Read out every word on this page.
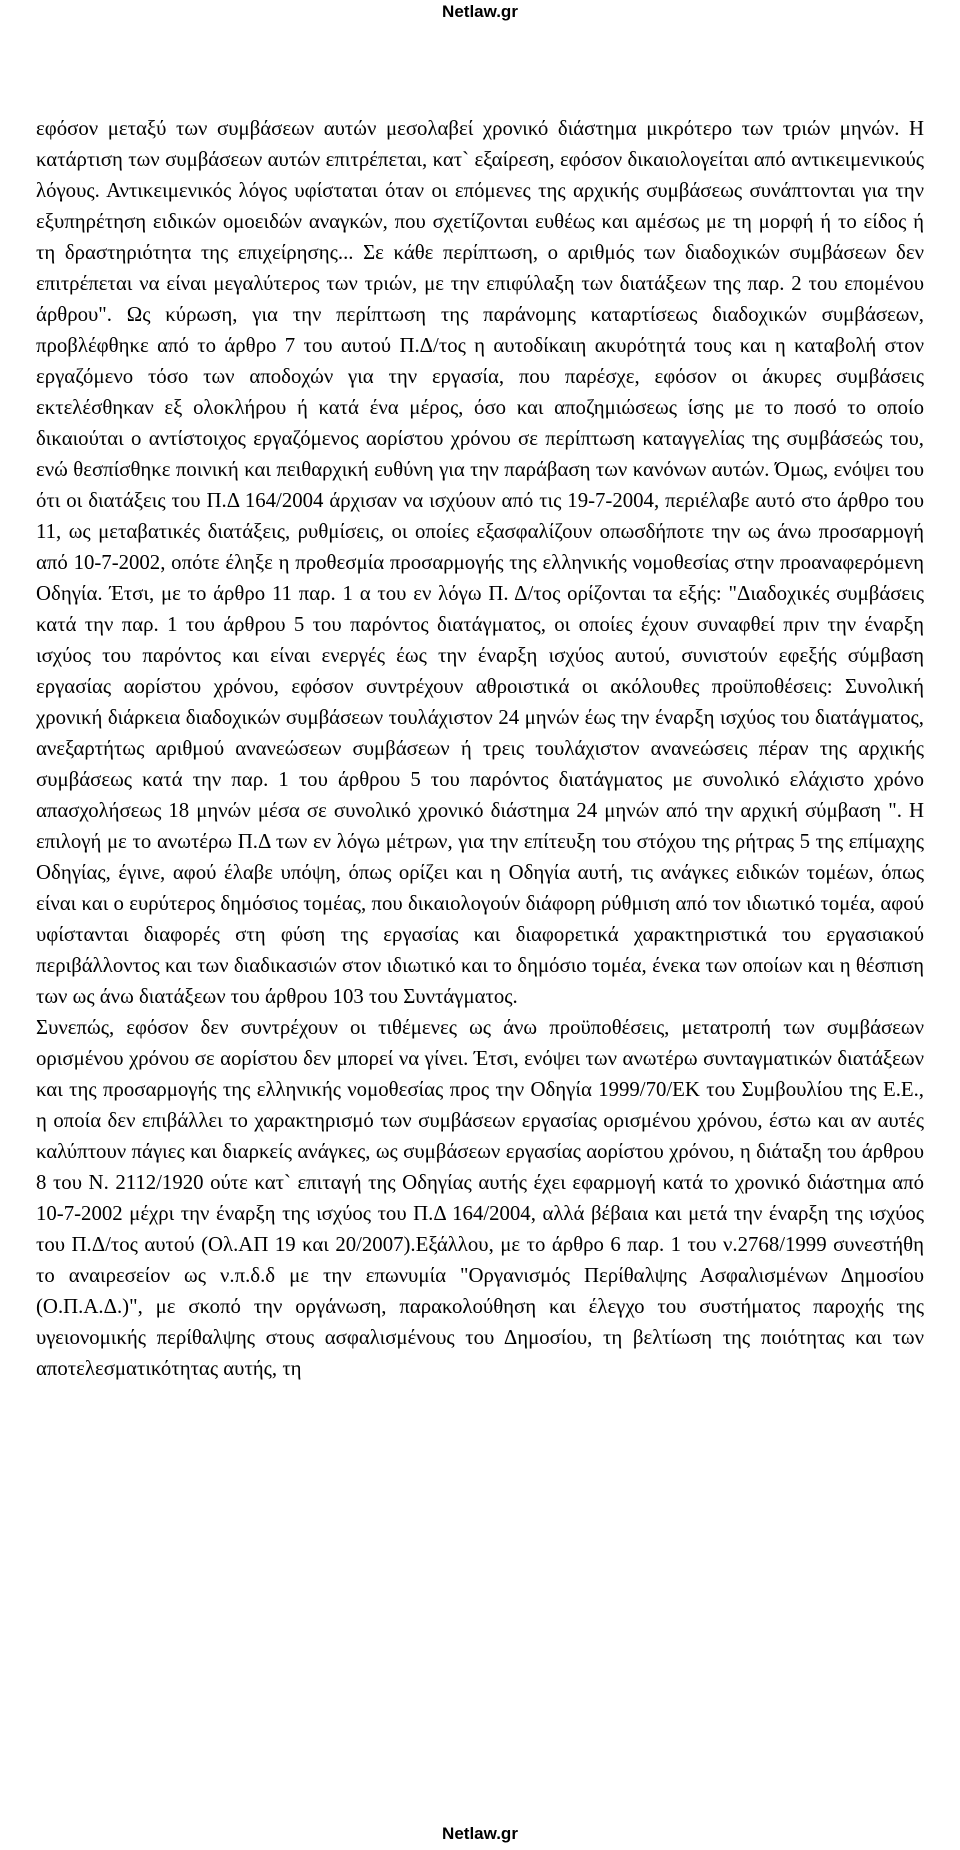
Netlaw.gr

εφόσον μεταξύ των συμβάσεων αυτών μεσολαβεί χρονικό διάστημα μικρότερο των τριών μηνών. Η κατάρτιση των συμβάσεων αυτών επιτρέπεται, κατ` εξαίρεση, εφόσον δικαιολογείται από αντικειμενικούς λόγους. Αντικειμενικός λόγος υφίσταται όταν οι επόμενες της αρχικής συμβάσεως συνάπτονται για την εξυπηρέτηση ειδικών ομοειδών αναγκών, που σχετίζονται ευθέως και αμέσως με τη μορφή ή το είδος ή τη δραστηριότητα της επιχείρησης... Σε κάθε περίπτωση, ο αριθμός των διαδοχικών συμβάσεων δεν επιτρέπεται να είναι μεγαλύτερος των τριών, με την επιφύλαξη των διατάξεων της παρ. 2 του επομένου άρθρου". Ως κύρωση, για την περίπτωση της παράνομης καταρτίσεως διαδοχικών συμβάσεων, προβλέφθηκε από το άρθρο 7 του αυτού Π.Δ/τος η αυτοδίκαιη ακυρότητά τους και η καταβολή στον εργαζόμενο τόσο των αποδοχών για την εργασία, που παρέσχε, εφόσον οι άκυρες συμβάσεις εκτελέσθηκαν εξ ολοκλήρου ή κατά ένα μέρος, όσο και αποζημιώσεως ίσης με το ποσό το οποίο δικαιούται ο αντίστοιχος εργαζόμενος αορίστου χρόνου σε περίπτωση καταγγελίας της συμβάσεώς του, ενώ θεσπίσθηκε ποινική και πειθαρχική ευθύνη για την παράβαση των κανόνων αυτών. Όμως, ενόψει του ότι οι διατάξεις του Π.Δ 164/2004 άρχισαν να ισχύουν από τις 19-7-2004, περιέλαβε αυτό στο άρθρο του 11, ως μεταβατικές διατάξεις, ρυθμίσεις, οι οποίες εξασφαλίζουν οπωσδήποτε την ως άνω προσαρμογή από 10-7-2002, οπότε έληξε η προθεσμία προσαρμογής της ελληνικής νομοθεσίας στην προαναφερόμενη Οδηγία. Έτσι, με το άρθρο 11 παρ. 1 α του εν λόγω Π. Δ/τος ορίζονται τα εξής: "Διαδοχικές συμβάσεις κατά την παρ. 1 του άρθρου 5 του παρόντος διατάγματος, οι οποίες έχουν συναφθεί πριν την έναρξη ισχύος του παρόντος και είναι ενεργές έως την έναρξη ισχύος αυτού, συνιστούν εφεξής σύμβαση εργασίας αορίστου χρόνου, εφόσον συντρέχουν αθροιστικά οι ακόλουθες προϋποθέσεις: Συνολική χρονική διάρκεια διαδοχικών συμβάσεων τουλάχιστον 24 μηνών έως την έναρξη ισχύος του διατάγματος, ανεξαρτήτως αριθμού ανανεώσεων συμβάσεων ή τρεις τουλάχιστον ανανεώσεις πέραν της αρχικής συμβάσεως κατά την παρ. 1 του άρθρου 5 του παρόντος διατάγματος με συνολικό ελάχιστο χρόνο απασχολήσεως 18 μηνών μέσα σε συνολικό χρονικό διάστημα 24 μηνών από την αρχική σύμβαση ". Η επιλογή με το ανωτέρω Π.Δ των εν λόγω μέτρων, για την επίτευξη του στόχου της ρήτρας 5 της επίμαχης Οδηγίας, έγινε, αφού έλαβε υπόψη, όπως ορίζει και η Οδηγία αυτή, τις ανάγκες ειδικών τομέων, όπως είναι και ο ευρύτερος δημόσιος τομέας, που δικαιολογούν διάφορη ρύθμιση από τον ιδιωτικό τομέα, αφού υφίστανται διαφορές στη φύση της εργασίας και διαφορετικά χαρακτηριστικά του εργασιακού περιβάλλοντος και των διαδικασιών στον ιδιωτικό και το δημόσιο τομέα, ένεκα των οποίων και η θέσπιση των ως άνω διατάξεων του άρθρου 103 του Συντάγματος.

Συνεπώς, εφόσον δεν συντρέχουν οι τιθέμενες ως άνω προϋποθέσεις, μετατροπή των συμβάσεων ορισμένου χρόνου σε αορίστου δεν μπορεί να γίνει. Έτσι, ενόψει των ανωτέρω συνταγματικών διατάξεων και της προσαρμογής της ελληνικής νομοθεσίας προς την Οδηγία 1999/70/ΕΚ του Συμβουλίου της Ε.Ε., η οποία δεν επιβάλλει το χαρακτηρισμό των συμβάσεων εργασίας ορισμένου χρόνου, έστω και αν αυτές καλύπτουν πάγιες και διαρκείς ανάγκες, ως συμβάσεων εργασίας αορίστου χρόνου, η διάταξη του άρθρου 8 του Ν. 2112/1920 ούτε κατ` επιταγή της Οδηγίας αυτής έχει εφαρμογή κατά το χρονικό διάστημα από 10-7-2002 μέχρι την έναρξη της ισχύος του Π.Δ 164/2004, αλλά βέβαια και μετά την έναρξη της ισχύος του Π.Δ/τος αυτού (Ολ.ΑΠ 19 και 20/2007).Εξάλλου, με το άρθρο 6 παρ. 1 του ν.2768/1999 συνεστήθη το αναιρεσείον ως ν.π.δ.δ με την επωνυμία "Οργανισμός Περίθαλψης Ασφαλισμένων Δημοσίου (Ο.Π.Α.Δ.)", με σκοπό την οργάνωση, παρακολούθηση και έλεγχο του συστήματος παροχής της υγειονομικής περίθαλψης στους ασφαλισμένους του Δημοσίου, τη βελτίωση της ποιότητας και των αποτελεσματικότητας αυτής, τη

Netlaw.gr
